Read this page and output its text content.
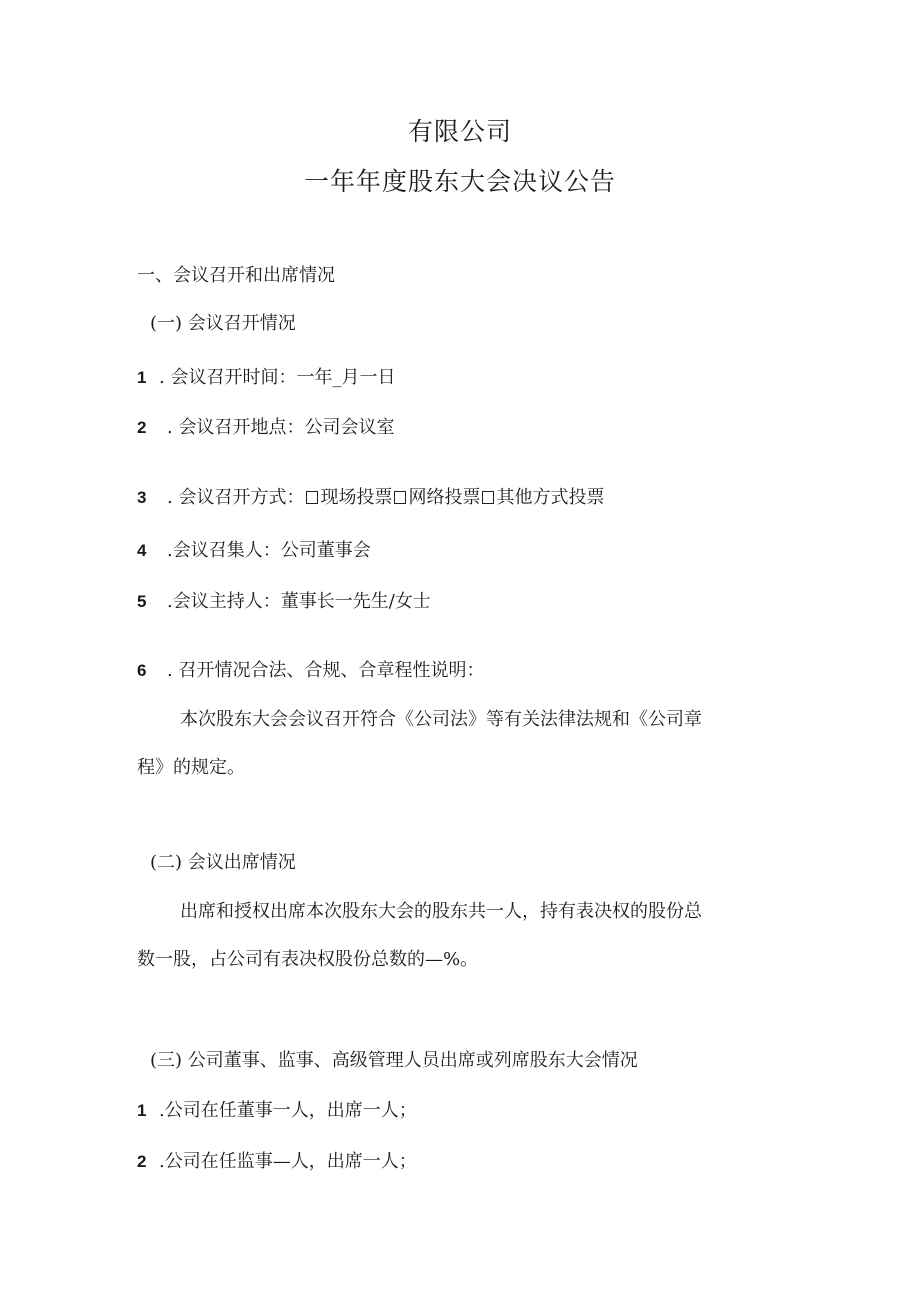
有限公司
一年年度股东大会决议公告
一、会议召开和出席情况
(一) 会议召开情况
1 . 会议召开时间：一年_月一日
2 . 会议召开地点：公司会议室
3 . 会议召开方式： 现场投票 网络投票 其他方式投票
4 .会议召集人：公司董事会
5 .会议主持人：董事长一先生/女士
6 . 召开情况合法、合规、合章程性说明：
本次股东大会会议召开符合《公司法》等有关法律法规和《公司章
程》的规定。
(二) 会议出席情况
出席和授权出席本次股东大会的股东共一人，持有表决权的股份总
数一股，占公司有表决权股份总数的—%。
(三) 公司董事、监事、高级管理人员出席或列席股东大会情况
1 .公司在任董事一人，出席一人；
2 .公司在任监事—人，出席一人；
